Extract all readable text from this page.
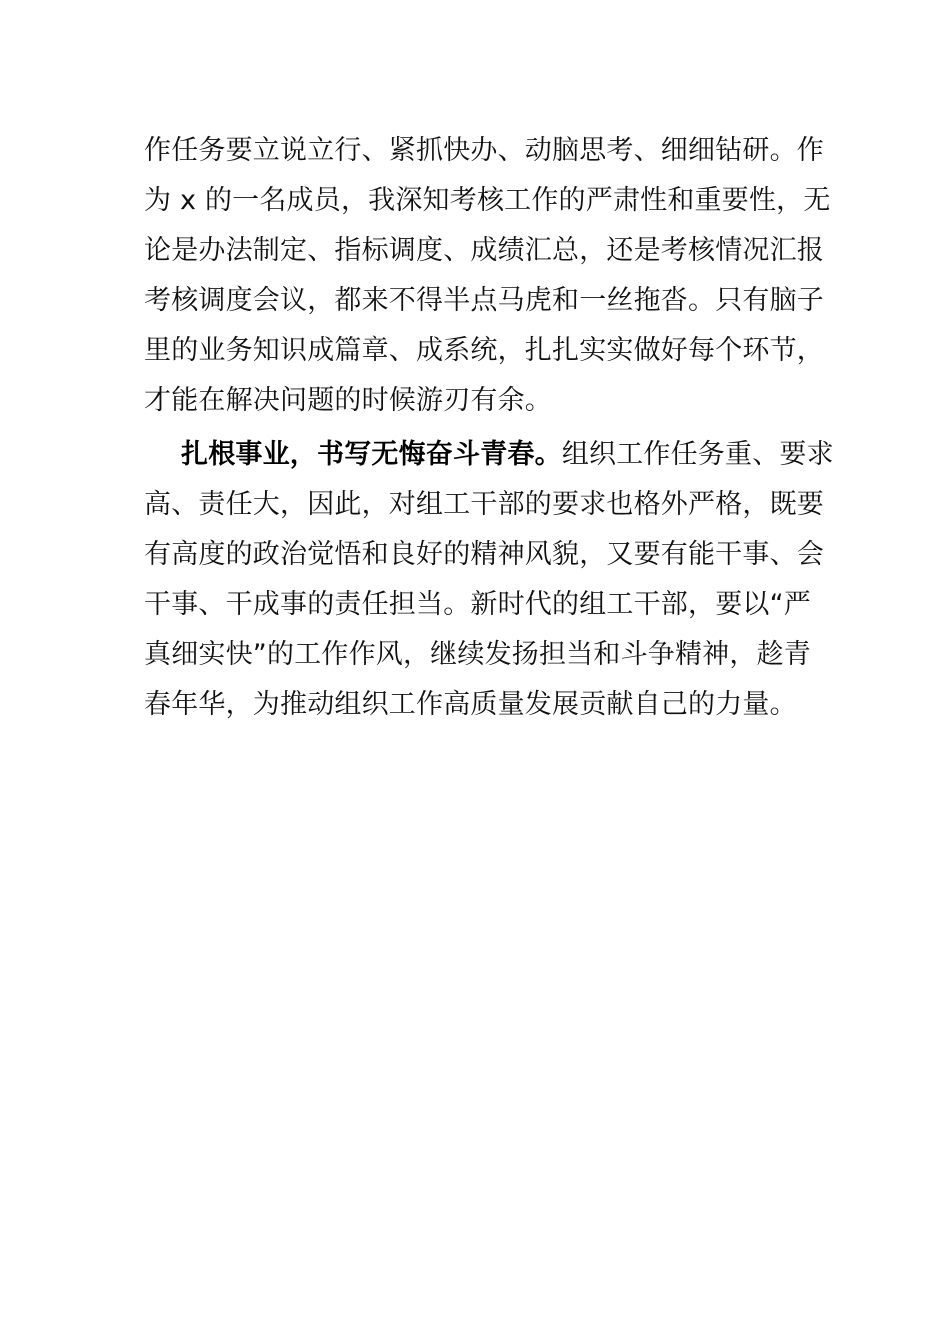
作任务要立说立行、紧抓快办、动脑思考、细细钻研。作
为 x 的一名成员，我深知考核工作的严肃性和重要性，无
论是办法制定、指标调度、成绩汇总，还是考核情况汇报
考核调度会议，都来不得半点马虎和一丝拖沓。只有脑子
里的业务知识成篇章、成系统，扎扎实实做好每个环节，
才能在解决问题的时候游刃有余。
扎根事业，书写无悔奋斗青春。组织工作任务重、要求
高、责任大，因此，对组工干部的要求也格外严格，既要
有高度的政治觉悟和良好的精神风貌，又要有能干事、会
干事、干成事的责任担当。新时代的组工干部，要以“严
真细实快”的工作作风，继续发扬担当和斗争精神，趁青
春年华，为推动组织工作高质量发展贡献自己的力量。
